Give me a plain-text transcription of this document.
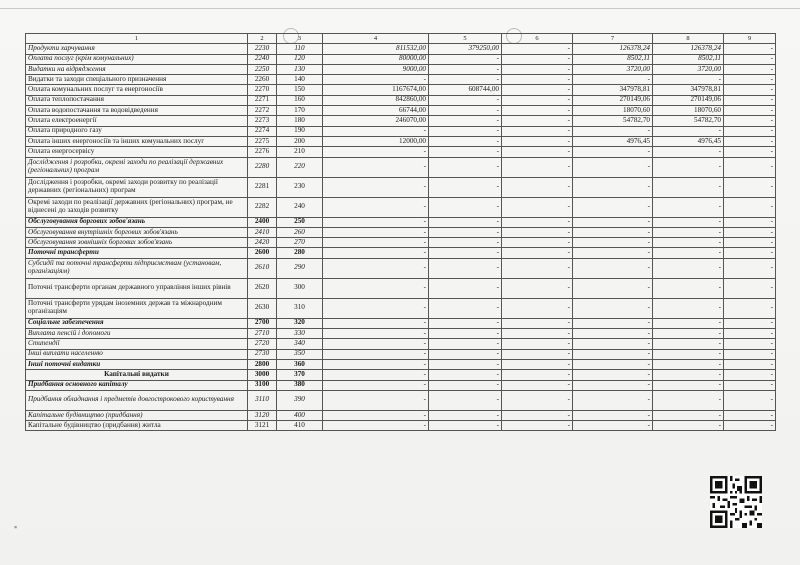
1	2	3	4	5	6	7	8	9
Продукти харчування	2230	110	811532,00	379250,00	-	126378,24	126378,24	-
Оплата послуг (крім комунальних)	2240	120	80000,00	-	-	8502,11	8502,11	-
Видатки на відрядження	2250	130	9000,00	-	-	3720,00	3720,00	-
Видатки та заходи спеціального призначення	2260	140	-	-	-	-	-	-
Оплата комунальних послуг та енергоносіїв	2270	150	1167674,00	608744,00	-	347978,81	347978,81	-
Оплата теплопостачання	2271	160	842860,00	-	-	270149,06	270149,06	-
Оплата водопостачання та водовідведення	2272	170	66744,00	-	-	18070,60	18070,60	-
Оплата електроенергії	2273	180	246070,00	-	-	54782,70	54782,70	-
Оплата природного газу	2274	190	-	-	-	-	-	-
Оплата інших енергоносіїв та інших комунальних послуг	2275	200	12000,00	-	-	4976,45	4976,45	-
Оплата енергосервісу	2276	210	-	-	-	-	-	-
Дослідження і розробки, окремі заходи по реалізації державних (регіональних) програм	2280	220	-	-	-	-	-	-
Дослідження і розробки, окремі заходи розвитку по реалізації державних (регіональних) програм	2281	230	-	-	-	-	-	-
Окремі заходи по реалізації державних (регіональних) програм, не віднесені до заходів розвитку	2282	240	-	-	-	-	-	-
Обслуговування боргових зобов'язань	2400	250	-	-	-	-	-	-
Обслуговування внутрішніх боргових зобов'язань	2410	260	-	-	-	-	-	-
Обслуговування зовнішніх боргових зобов'язань	2420	270	-	-	-	-	-	-
Поточні трансферти	2600	280	-	-	-	-	-	-
Субсидії та поточні трансферти підприємствам (установам, організаціям)	2610	290	-	-	-	-	-	-
Поточні трансферти органам державного управління інших рівнів	2620	300	-	-	-	-	-	-
Поточні трансферти урядам іноземних держав та міжнародним організаціям	2630	310	-	-	-	-	-	-
Соціальне забезпечення	2700	320	-	-	-	-	-	-
Виплата пенсій і допомоги	2710	330	-	-	-	-	-	-
Стипендії	2720	340	-	-	-	-	-	-
Інші виплати населенню	2730	350	-	-	-	-	-	-
Інші поточні видатки	2800	360	-	-	-	-	-	-
Капітальні видатки	3000	370	-	-	-	-	-	-
Придбання основного капіталу	3100	380	-	-	-	-	-	-
Придбання обладнання і предметів довгострокового користування	3110	390	-	-	-	-	-	-
Капітальне будівництво (придбання)	3120	400	-	-	-	-	-	-
Капітальне будівництво (придбання) житла	3121	410	-	-	-	-	-	-
▪
